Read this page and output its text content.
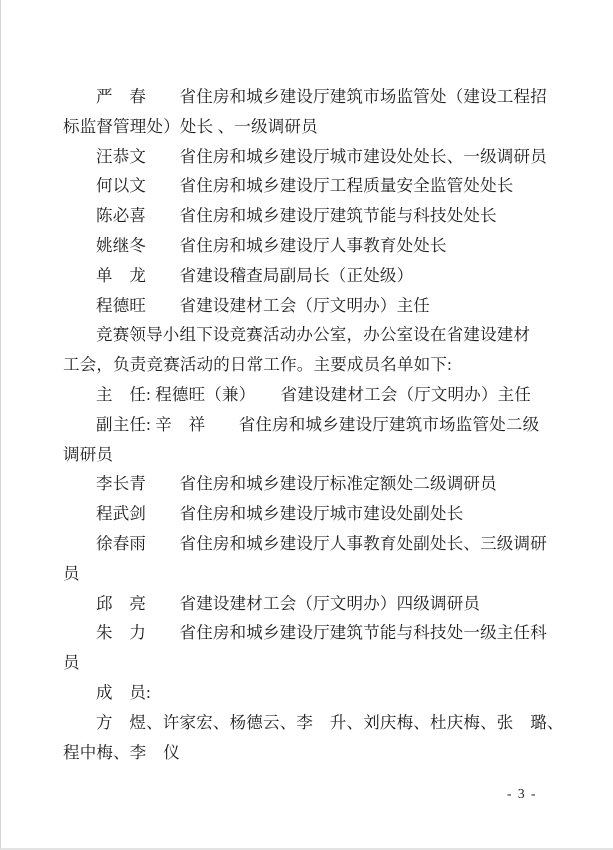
严　春　　省住房和城乡建设厅建筑市场监管处（建设工程招
标监督管理处）处长 、一级调研员
汪恭文　　省住房和城乡建设厅城市建设处处长、一级调研员
何以文　　省住房和城乡建设厅工程质量安全监管处处长
陈必喜　　省住房和城乡建设厅建筑节能与科技处处长
姚继冬　　省住房和城乡建设厅人事教育处处长
单　龙　　省建设稽查局副局长（正处级）
程德旺　　省建设建材工会（厅文明办）主任
竞赛领导小组下设竞赛活动办公室，办公室设在省建设建材
工会，负责竞赛活动的日常工作。主要成员名单如下:
主　任: 程德旺（兼）　　省建设建材工会（厅文明办）主任
副主任: 辛　祥　　省住房和城乡建设厅建筑市场监管处二级
调研员
李长青　　省住房和城乡建设厅标准定额处二级调研员
程武剑　　省住房和城乡建设厅城市建设处副处长
徐春雨　　省住房和城乡建设厅人事教育处副处长、三级调研
员
邱　亮　　省建设建材工会（厅文明办）四级调研员
朱　力　　省住房和城乡建设厅建筑节能与科技处一级主任科
员
成　员:
方　煜、许家宏、杨德云、李　升、刘庆梅、杜庆梅、张　璐、
程中梅、李　仪
- 3 -
